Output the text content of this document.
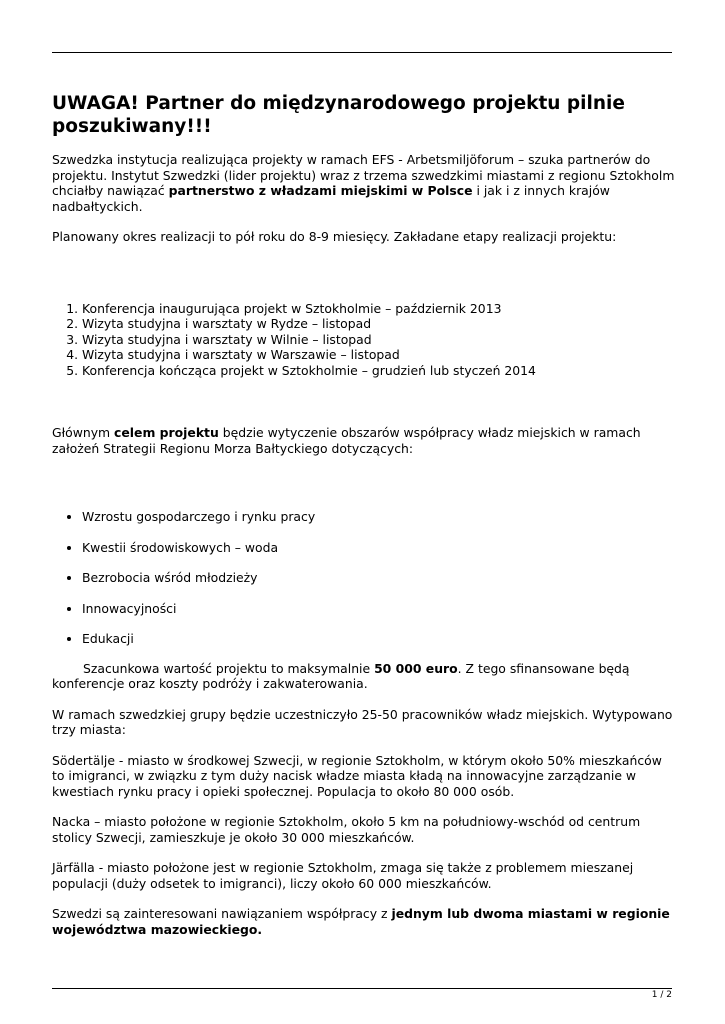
UWAGA! Partner do międzynarodowego projektu pilnie poszukiwany!!!

Szwedzka instytucja realizująca projekty w ramach EFS - Arbetsmiljöforum – szuka partnerów do projektu. Instytut Szwedzki (lider projektu) wraz z trzema szwedzkimi miastami z regionu Sztokholm chciałby nawiązać partnerstwo z władzami miejskimi w Polsce i jak i z innych krajów nadbałtyckich.

Planowany okres realizacji to pół roku do 8-9 miesięcy. Zakładane etapy realizacji projektu:

1. Konferencja inaugurująca projekt w Sztokholmie – październik 2013
2. Wizyta studyjna i warsztaty w Rydze – listopad
3. Wizyta studyjna i warsztaty w Wilnie – listopad
4. Wizyta studyjna i warsztaty w Warszawie – listopad
5. Konferencja kończąca projekt w Sztokholmie – grudzień lub styczeń 2014

Głównym celem projektu będzie wytyczenie obszarów współpracy władz miejskich w ramach założeń Strategii Regionu Morza Bałtyckiego dotyczących:

• Wzrostu gospodarczego i rynku pracy
• Kwestii środowiskowych – woda
• Bezrobocia wśród młodzieży
• Innowacyjności
• Edukacji

Szacunkowa wartość projektu to maksymalnie 50 000 euro. Z tego sfinansowane będą konferencje oraz koszty podróży i zakwaterowania.

W ramach szwedzkiej grupy będzie uczestniczyło 25-50 pracowników władz miejskich. Wytypowano trzy miasta:

Södertälje - miasto w środkowej Szwecji, w regionie Sztokholm, w którym około 50% mieszkańców to imigranci, w związku z tym duży nacisk władze miasta kładą na innowacyjne zarządzanie w kwestiach rynku pracy i opieki społecznej. Populacja to około 80 000 osób.

Nacka – miasto położone w regionie Sztokholm, około 5 km na południowy-wschód od centrum stolicy Szwecji, zamieszkuje je około 30 000 mieszkańców.

Järfälla - miasto położone jest w regionie Sztokholm, zmaga się także z problemem mieszanej populacji (duży odsetek to imigranci), liczy około 60 000 mieszkańców.

Szwedzi są zainteresowani nawiązaniem współpracy z jednym lub dwoma miastami w regionie województwa mazowieckiego.

1 / 2
